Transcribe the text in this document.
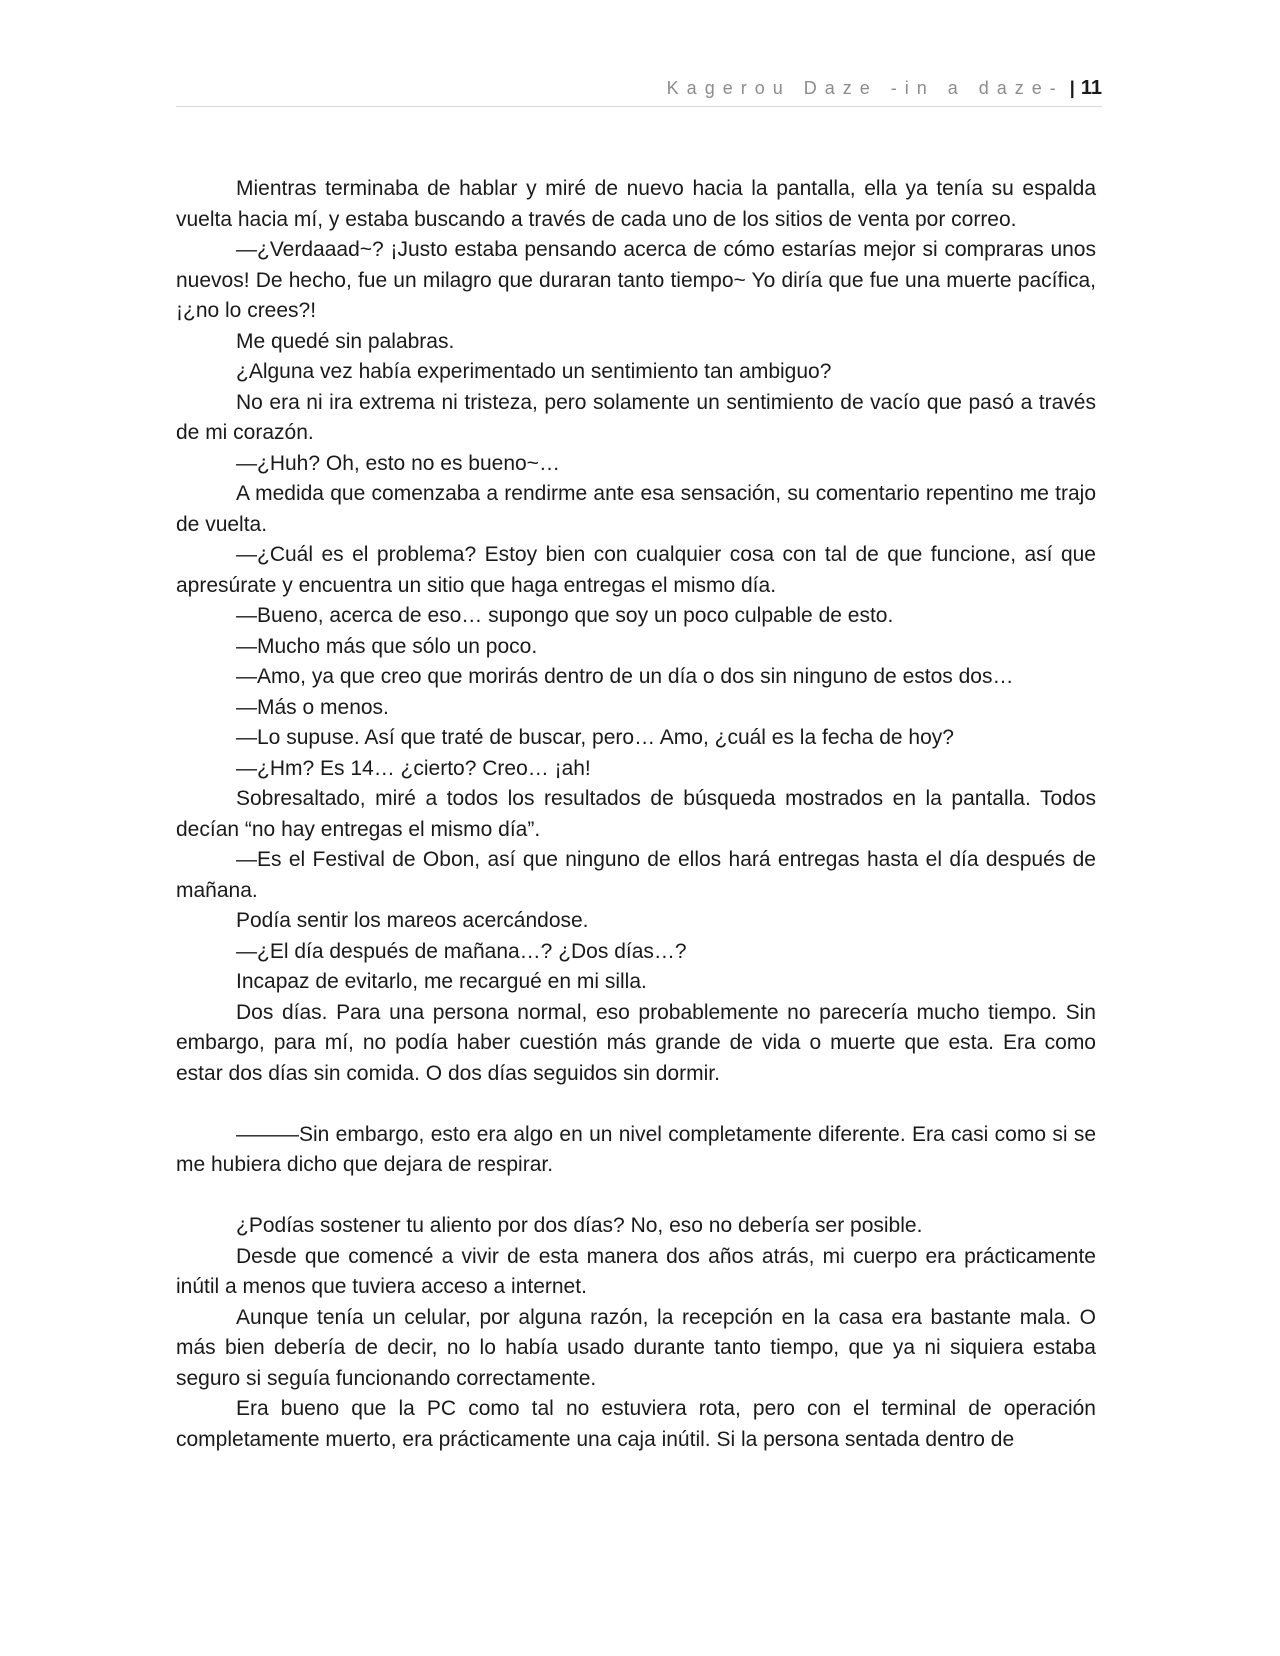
Kagerou Daze -in a daze- | 11

Mientras terminaba de hablar y miré de nuevo hacia la pantalla, ella ya tenía su espalda vuelta hacia mí, y estaba buscando a través de cada uno de los sitios de venta por correo.

—¿Verdaaad~? ¡Justo estaba pensando acerca de cómo estarías mejor si compraras unos nuevos! De hecho, fue un milagro que duraran tanto tiempo~ Yo diría que fue una muerte pacífica, ¡¿no lo crees?!

Me quedé sin palabras.

¿Alguna vez había experimentado un sentimiento tan ambiguo?

No era ni ira extrema ni tristeza, pero solamente un sentimiento de vacío que pasó a través de mi corazón.

—¿Huh? Oh, esto no es bueno~…

A medida que comenzaba a rendirme ante esa sensación, su comentario repentino me trajo de vuelta.

—¿Cuál es el problema? Estoy bien con cualquier cosa con tal de que funcione, así que apresúrate y encuentra un sitio que haga entregas el mismo día.

—Bueno, acerca de eso… supongo que soy un poco culpable de esto.

—Mucho más que sólo un poco.

—Amo, ya que creo que morirás dentro de un día o dos sin ninguno de estos dos…

—Más o menos.

—Lo supuse. Así que traté de buscar, pero… Amo, ¿cuál es la fecha de hoy?

—¿Hm? Es 14… ¿cierto? Creo… ¡ah!

Sobresaltado, miré a todos los resultados de búsqueda mostrados en la pantalla. Todos decían “no hay entregas el mismo día”.

—Es el Festival de Obon, así que ninguno de ellos hará entregas hasta el día después de mañana.

Podía sentir los mareos acercándose.

—¿El día después de mañana…? ¿Dos días…?

Incapaz de evitarlo, me recargué en mi silla.

Dos días. Para una persona normal, eso probablemente no parecería mucho tiempo. Sin embargo, para mí, no podía haber cuestión más grande de vida o muerte que esta. Era como estar dos días sin comida. O dos días seguidos sin dormir.

———Sin embargo, esto era algo en un nivel completamente diferente. Era casi como si se me hubiera dicho que dejara de respirar.

¿Podías sostener tu aliento por dos días? No, eso no debería ser posible.

Desde que comencé a vivir de esta manera dos años atrás, mi cuerpo era prácticamente inútil a menos que tuviera acceso a internet.

Aunque tenía un celular, por alguna razón, la recepción en la casa era bastante mala. O más bien debería de decir, no lo había usado durante tanto tiempo, que ya ni siquiera estaba seguro si seguía funcionando correctamente.

Era bueno que la PC como tal no estuviera rota, pero con el terminal de operación completamente muerto, era prácticamente una caja inútil. Si la persona sentada dentro de
